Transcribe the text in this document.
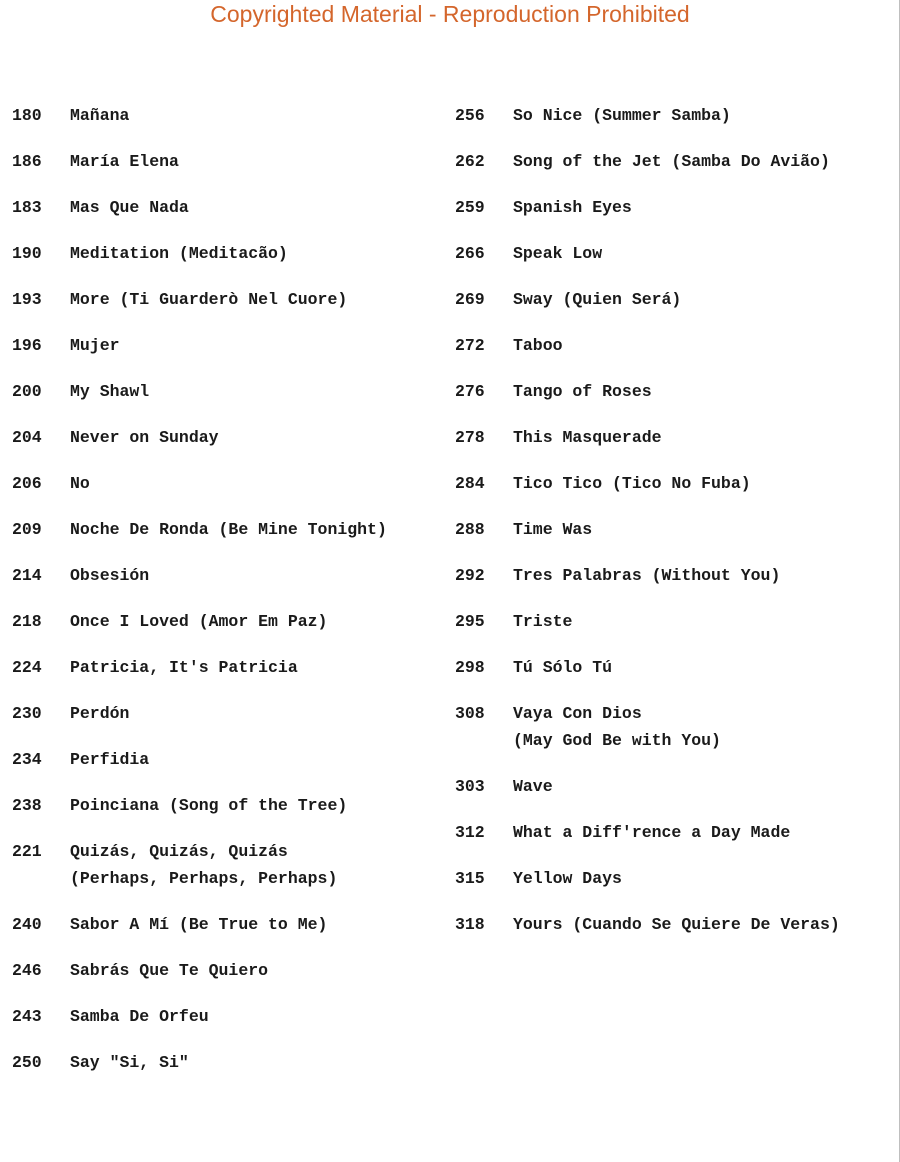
Copyrighted Material - Reproduction Prohibited
180	Mañana
186	María Elena
183	Mas Que Nada
190	Meditation (Meditacão)
193	More (Ti Guarderò Nel Cuore)
196	Mujer
200	My Shawl
204	Never on Sunday
206	No
209	Noche De Ronda (Be Mine Tonight)
214	Obsesión
218	Once I Loved (Amor Em Paz)
224	Patricia, It's Patricia
230	Perdón
234	Perfidia
238	Poinciana (Song of the Tree)
221	Quizás, Quizás, Quizás
(Perhaps, Perhaps, Perhaps)
240	Sabor A Mí (Be True to Me)
246	Sabrás Que Te Quiero
243	Samba De Orfeu
250	Say "Si, Si"
256	So Nice (Summer Samba)
262	Song of the Jet (Samba Do Avião)
259	Spanish Eyes
266	Speak Low
269	Sway (Quien Será)
272	Taboo
276	Tango of Roses
278	This Masquerade
284	Tico Tico (Tico No Fuba)
288	Time Was
292	Tres Palabras (Without You)
295	Triste
298	Tú Sólo Tú
308	Vaya Con Dios
(May God Be with You)
303	Wave
312	What a Diff'rence a Day Made
315	Yellow Days
318	Yours (Cuando Se Quiere De Veras)
